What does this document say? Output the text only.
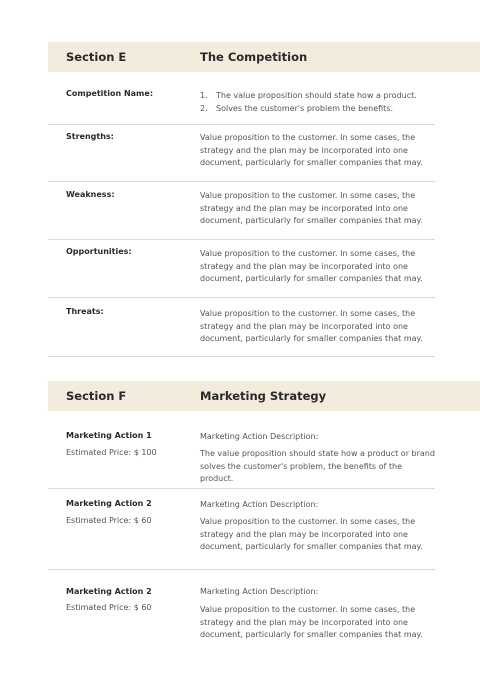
Section E	The Competition
Competition Name:	1. The value proposition should state how a product.
2. Solves the customer's problem the benefits.
Strengths:	Value proposition to the customer. In some cases, the strategy and the plan may be incorporated into one document, particularly for smaller companies that may.
Weakness:	Value proposition to the customer. In some cases, the strategy and the plan may be incorporated into one document, particularly for smaller companies that may.
Opportunities:	Value proposition to the customer. In some cases, the strategy and the plan may be incorporated into one document, particularly for smaller companies that may.
Threats:	Value proposition to the customer. In some cases, the strategy and the plan may be incorporated into one document, particularly for smaller companies that may.
Section F	Marketing Strategy
Marketing Action 1
Estimated Price: $ 100
Marketing Action Description:
The value proposition should state how a product or brand solves the customer's problem, the benefits of the product.
Marketing Action 2
Estimated Price: $ 60
Marketing Action Description:
Value proposition to the customer. In some cases, the strategy and the plan may be incorporated into one document, particularly for smaller companies that may.
Marketing Action 2
Estimated Price: $ 60
Marketing Action Description:
Value proposition to the customer. In some cases, the strategy and the plan may be incorporated into one document, particularly for smaller companies that may.
